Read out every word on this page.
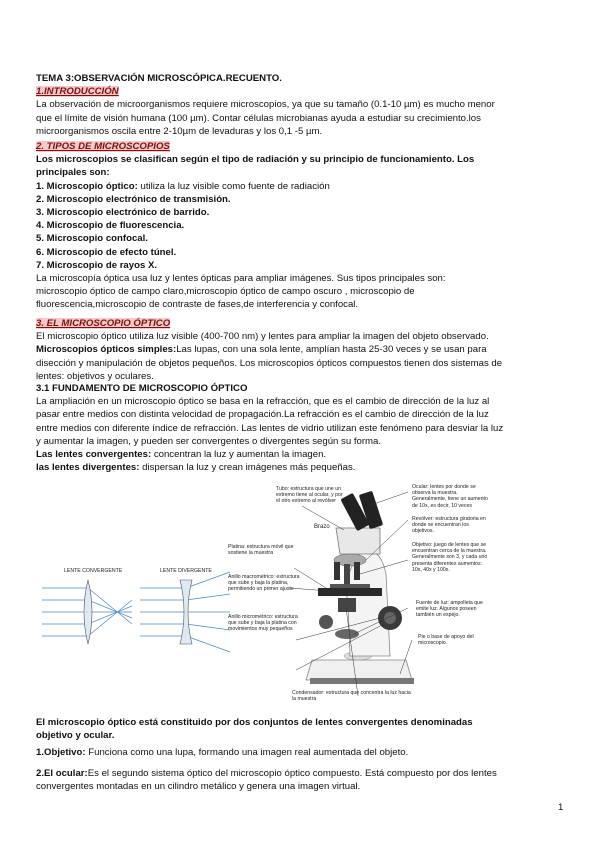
TEMA 3:OBSERVACIÓN MICROSCÓPICA.RECUENTO.
1.INTRODUCCIÓN
La observación de microorganismos requiere microscopios, ya que su tamaño (0.1-10 µm) es mucho menor
que el límite de visión humana (100 µm). Contar células microbianas ayuda a estudiar su crecimiento.los
microorganismos oscila entre 2-10µm de levaduras y los 0,1 -5 µm.
2. TIPOS DE MICROSCOPIOS
Los microscopios se clasifican según el tipo de radiación y su principio de funcionamiento. Los
principales son:
1. Microscopio óptico: utiliza la luz visible como fuente de radiación
2. Microscopio electrónico de transmisión.
3. Microscopio electrónico de barrido.
4. Microscopio de fluorescencia.
5. Microscopio confocal.
6. Microscopio de efecto túnel.
7. Microscopio de rayos X.
La microscopía óptica usa luz y lentes ópticas para ampliar imágenes. Sus tipos principales son:
microscopio óptico de campo claro,microscopio óptico de campo oscuro , microscopio de
fluorescencia,microscopio de contraste de fases,de interferencia y confocal.
3. EL MICROSCOPIO ÓPTICO
El microscopio óptico utiliza luz visible (400-700 nm) y lentes para ampliar la imagen del objeto observado.
Microscopios ópticos simples:Las lupas, con una sola lente, amplían hasta 25-30 veces y se usan para
disección y manipulación de objetos pequeños. Los microscopios ópticos compuestos tienen dos sistemas de
lentes: objetivos y oculares.
3.1 FUNDAMENTO DE MICROSCOPIO ÓPTICO
La ampliación en un microscopio óptico se basa en la refracción, que es el cambio de dirección de la luz al
pasar entre medios con distinta velocidad de propagación.La refracción es el cambio de dirección de la luz
entre medios con diferente índice de refracción. Las lentes de vidrio utilizan este fenómeno para desviar la luz
y aumentar la imagen, y pueden ser convergentes o divergentes según su forma.
Las lentes convergentes: concentran la luz y aumentan la imagen.
las lentes divergentes: dispersan la luz y crean imágenes más pequeñas.
LENTE CONVERGENTE	LENTE DIVERGENTE
Tubo: estructura que une un extremo tiene al ocular, y por el otro extremo al revólver
Brazo
Platina: estructura móvil que sostiene la muestra
Anillo macrométrico: estructura que sube y baja la platina, permitiendo un primer ajuste
Anillo micrométrico: estructura que sube y baja la platina con movimientos muy pequeños
Condensador: estructura que concentra la luz hacia la muestra
Ocular: lentes por donde se observa la muestra. Generalmente, tiene un aumento de 10x, es decir, 10 veces
Revólver: estructura giratoria en donde se encuentran los objetivos.
Objetivo: juego de lentes que se encuentran cerca de la muestra. Generalmente son 3, y cada uno presenta diferentes aumentos: 10x, 40x y 100x.
Fuente de luz: ampolleta que emite luz. Algunos poseen también un espejo.
Pie o base de apoyo del microscopio.
El microscopio óptico está constituido por dos conjuntos de lentes convergentes denominadas
objetivo y ocular.
1.Objetivo: Funciona como una lupa, formando una imagen real aumentada del objeto.
2.El ocular:Es el segundo sistema óptico del microscopio óptico compuesto. Está compuesto por dos lentes
convergentes montadas en un cilindro metálico y genera una imagen virtual.
1
